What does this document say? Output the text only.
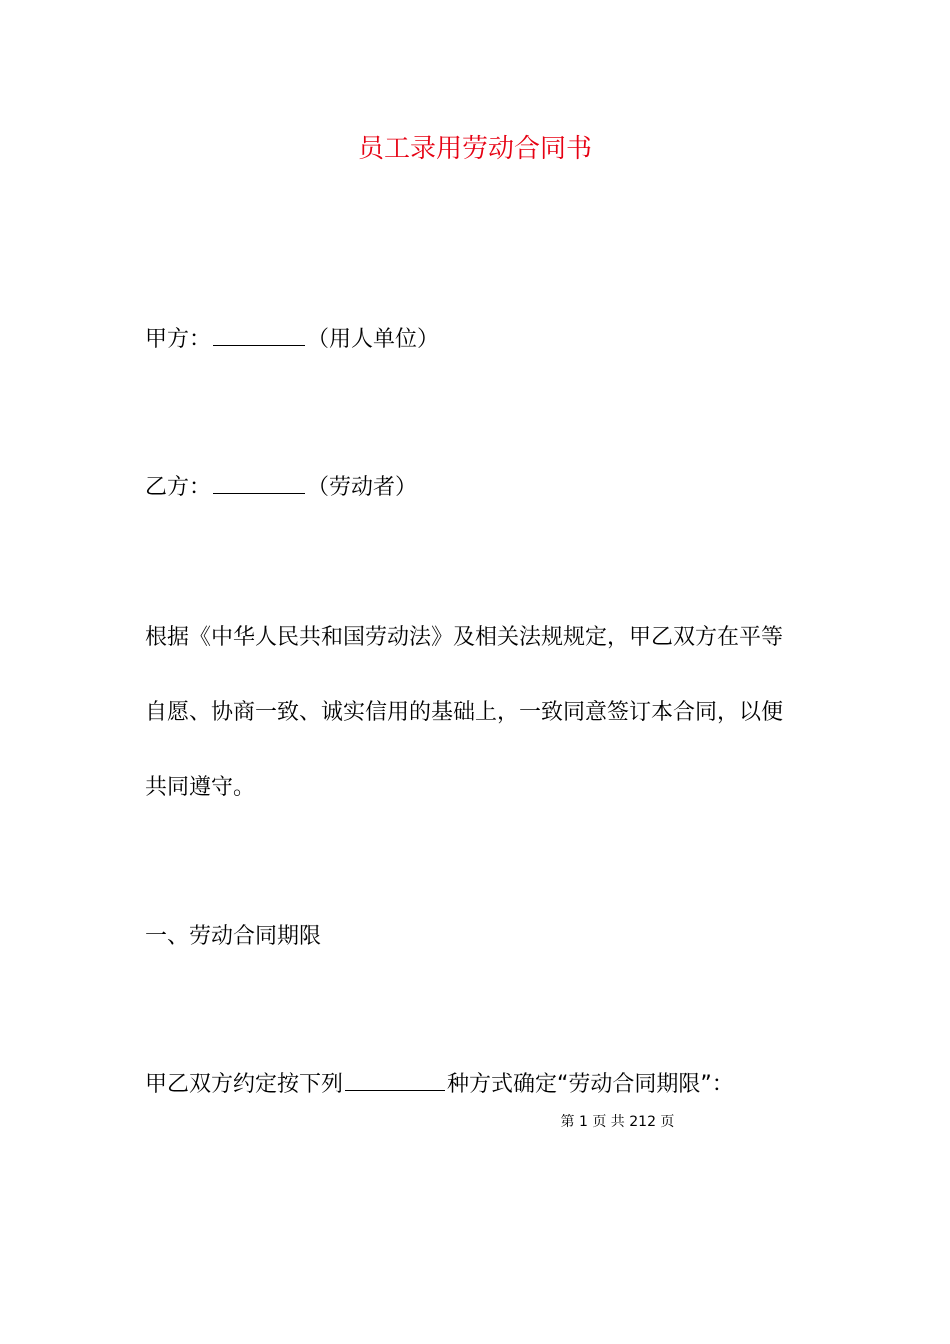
员工录用劳动合同书
甲方：	（用人单位）
乙方：	（劳动者）
根据《中华人民共和国劳动法》及相关法规规定，甲乙双方在平等
自愿、协商一致、诚实信用的基础上，一致同意签订本合同，以便
共同遵守。
一、劳动合同期限
甲乙双方约定按下列	种方式确定“劳动合同期限”：
第 1 页 共 212 页
